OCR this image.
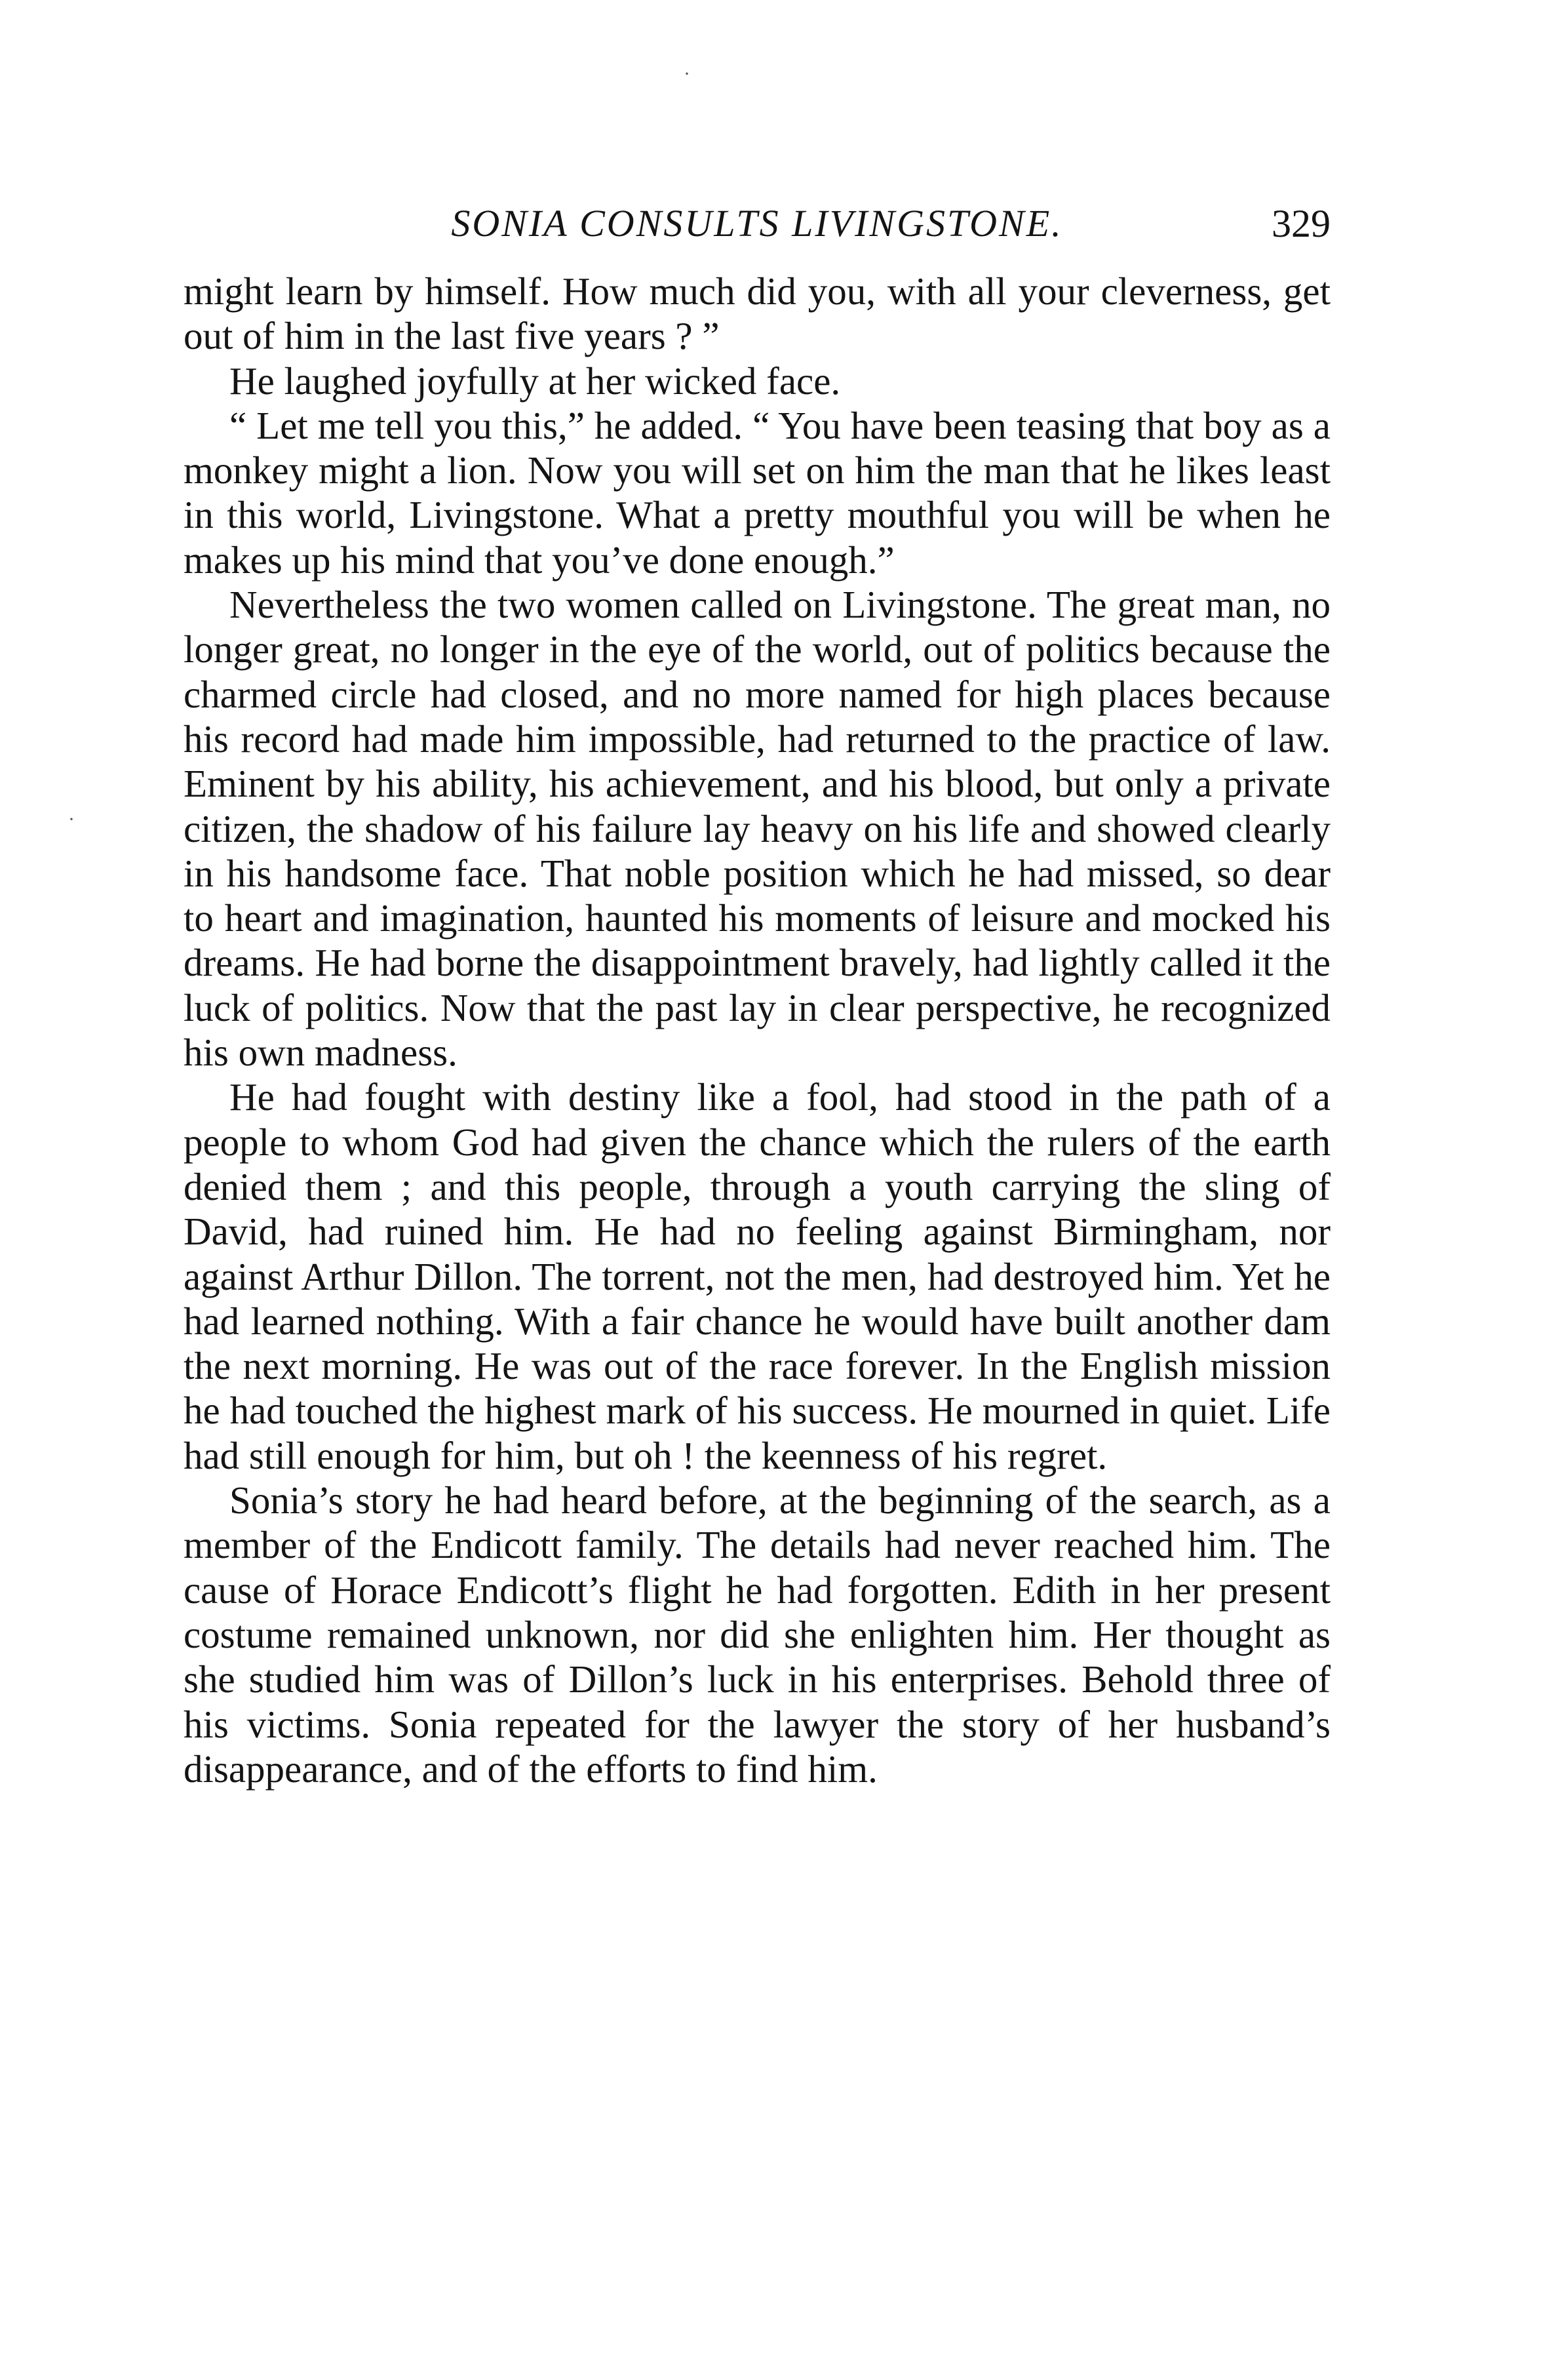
·
·
SONIA CONSULTS LIVINGSTONE.	329

might learn by himself. How much did you, with all your cleverness, get out of him in the last five years ? ”

He laughed joyfully at her wicked face.

“ Let me tell you this,” he added. “ You have been teasing that boy as a monkey might a lion. Now you will set on him the man that he likes least in this world, Livingstone. What a pretty mouthful you will be when he makes up his mind that you’ve done enough.”

Nevertheless the two women called on Livingstone. The great man, no longer great, no longer in the eye of the world, out of politics because the charmed circle had closed, and no more named for high places because his record had made him impossible, had returned to the practice of law. Eminent by his ability, his achievement, and his blood, but only a private citizen, the shadow of his failure lay heavy on his life and showed clearly in his handsome face. That noble position which he had missed, so dear to heart and imagination, haunted his moments of leisure and mocked his dreams. He had borne the disappointment bravely, had lightly called it the luck of politics. Now that the past lay in clear perspective, he recognized his own madness.

He had fought with destiny like a fool, had stood in the path of a people to whom God had given the chance which the rulers of the earth denied them ; and this people, through a youth carrying the sling of David, had ruined him. He had no feeling against Birmingham, nor against Arthur Dillon. The torrent, not the men, had destroyed him. Yet he had learned nothing. With a fair chance he would have built another dam the next morning. He was out of the race forever. In the English mission he had touched the highest mark of his success. He mourned in quiet. Life had still enough for him, but oh ! the keenness of his regret.

Sonia’s story he had heard before, at the beginning of the search, as a member of the Endicott family. The details had never reached him. The cause of Horace Endicott’s flight he had forgotten. Edith in her present costume remained unknown, nor did she enlighten him. Her thought as she studied him was of Dillon’s luck in his enterprises. Behold three of his victims. Sonia repeated for the lawyer the story of her husband’s disappearance, and of the efforts to find him.
